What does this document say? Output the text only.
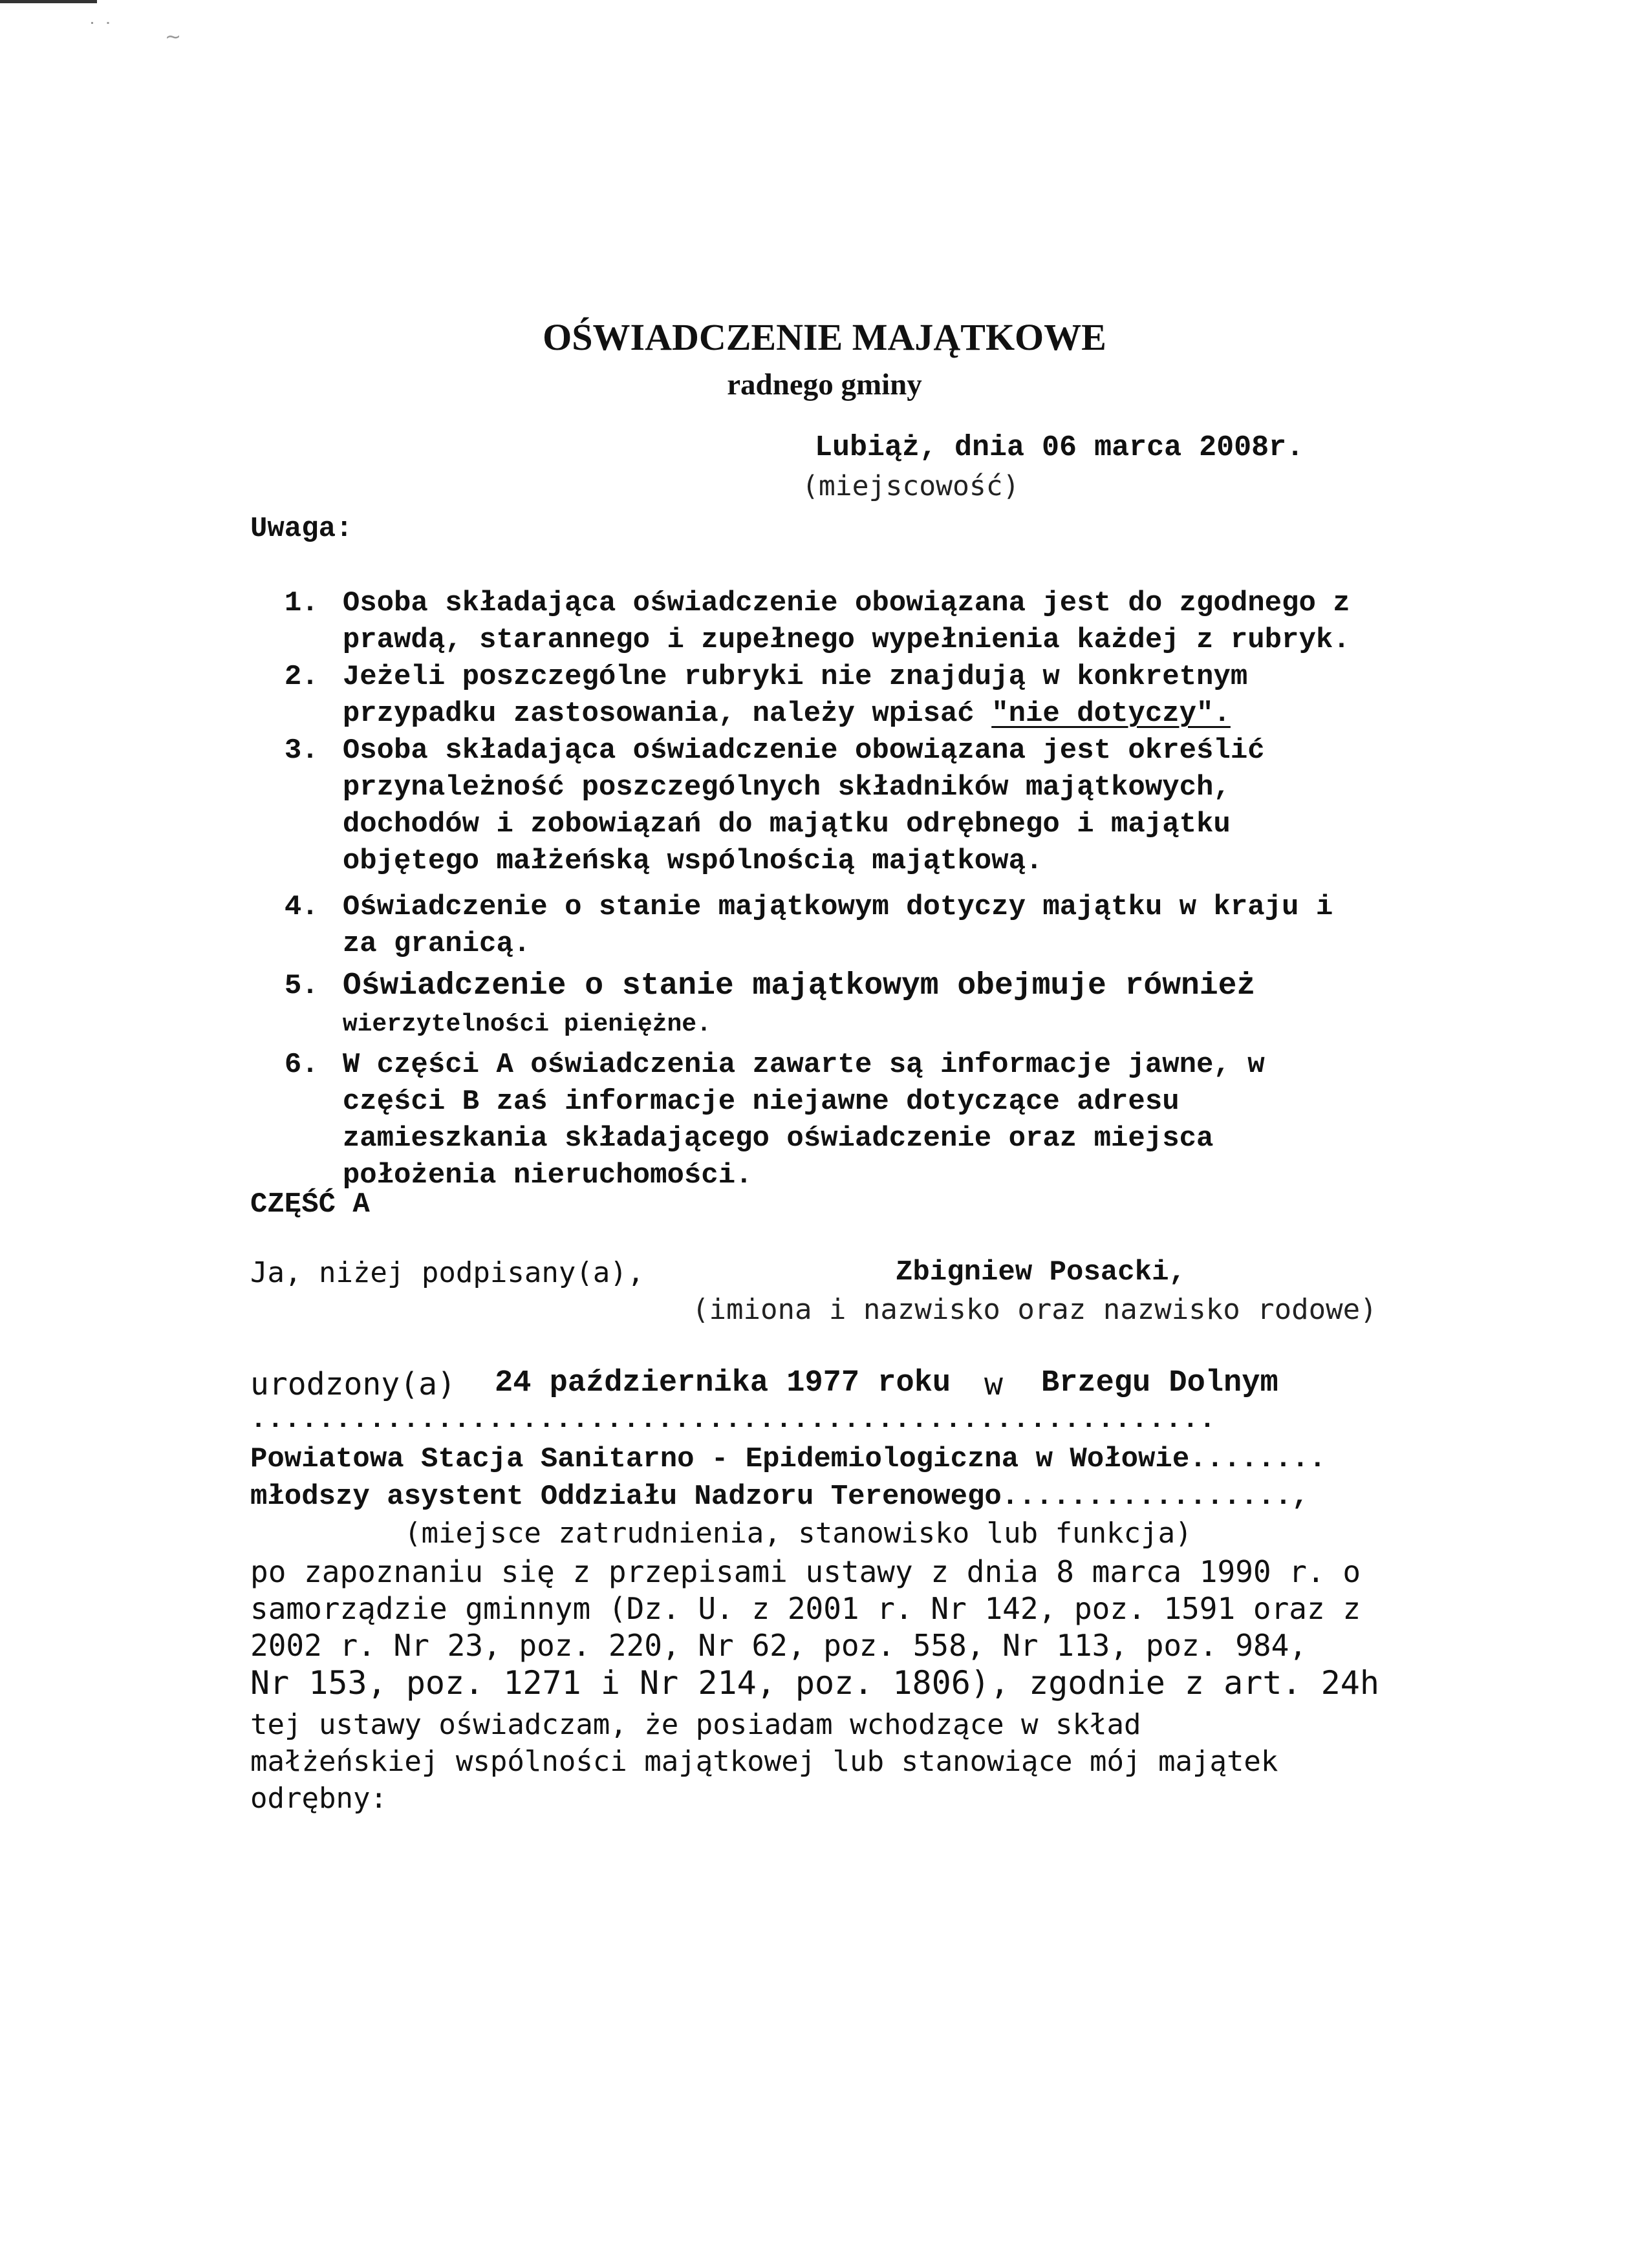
˙ ˙	~
OŚWIADCZENIE MAJĄTKOWE
radnego gminy
Lubiąż, dnia 06 marca 2008r.
(miejscowość)
Uwaga:

1. Osoba składająca oświadczenie obowiązana jest do zgodnego z
prawdą, starannego i zupełnego wypełnienia każdej z rubryk.

2. Jeżeli poszczególne rubryki nie znajdują w konkretnym
przypadku zastosowania, należy wpisać "nie dotyczy".

3. Osoba składająca oświadczenie obowiązana jest określić
przynależność poszczególnych składników majątkowych,
dochodów i zobowiązań do majątku odrębnego i majątku
objętego małżeńską wspólnością majątkową.

4. Oświadczenie o stanie majątkowym dotyczy majątku w kraju i
za granicą.

5. Oświadczenie o stanie majątkowym obejmuje również
wierzytelności pieniężne.

6. W części A oświadczenia zawarte są informacje jawne, w
części B zaś informacje niejawne dotyczące adresu
zamieszkania składającego oświadczenie oraz miejsca
położenia nieruchomości.

CZĘŚĆ A
Ja, niżej podpisany(a),	Zbigniew Posacki,
(imiona i nazwisko oraz nazwisko rodowe)
urodzony(a) 24 października 1977 roku w Brzegu Dolnym
.........................................................
Powiatowa Stacja Sanitarno - Epidemiologiczna w Wołowie........
młodszy asystent Oddziału Nadzoru Terenowego.................,
(miejsce zatrudnienia, stanowisko lub funkcja)
po zapoznaniu się z przepisami ustawy z dnia 8 marca 1990 r. o
samorządzie gminnym (Dz. U. z 2001 r. Nr 142, poz. 1591 oraz z
2002 r. Nr 23, poz. 220, Nr 62, poz. 558, Nr 113, poz. 984,
Nr 153, poz. 1271 i Nr 214, poz. 1806), zgodnie z art. 24h
tej ustawy oświadczam, że posiadam wchodzące w skład
małżeńskiej wspólności majątkowej lub stanowiące mój majątek
odrębny:
